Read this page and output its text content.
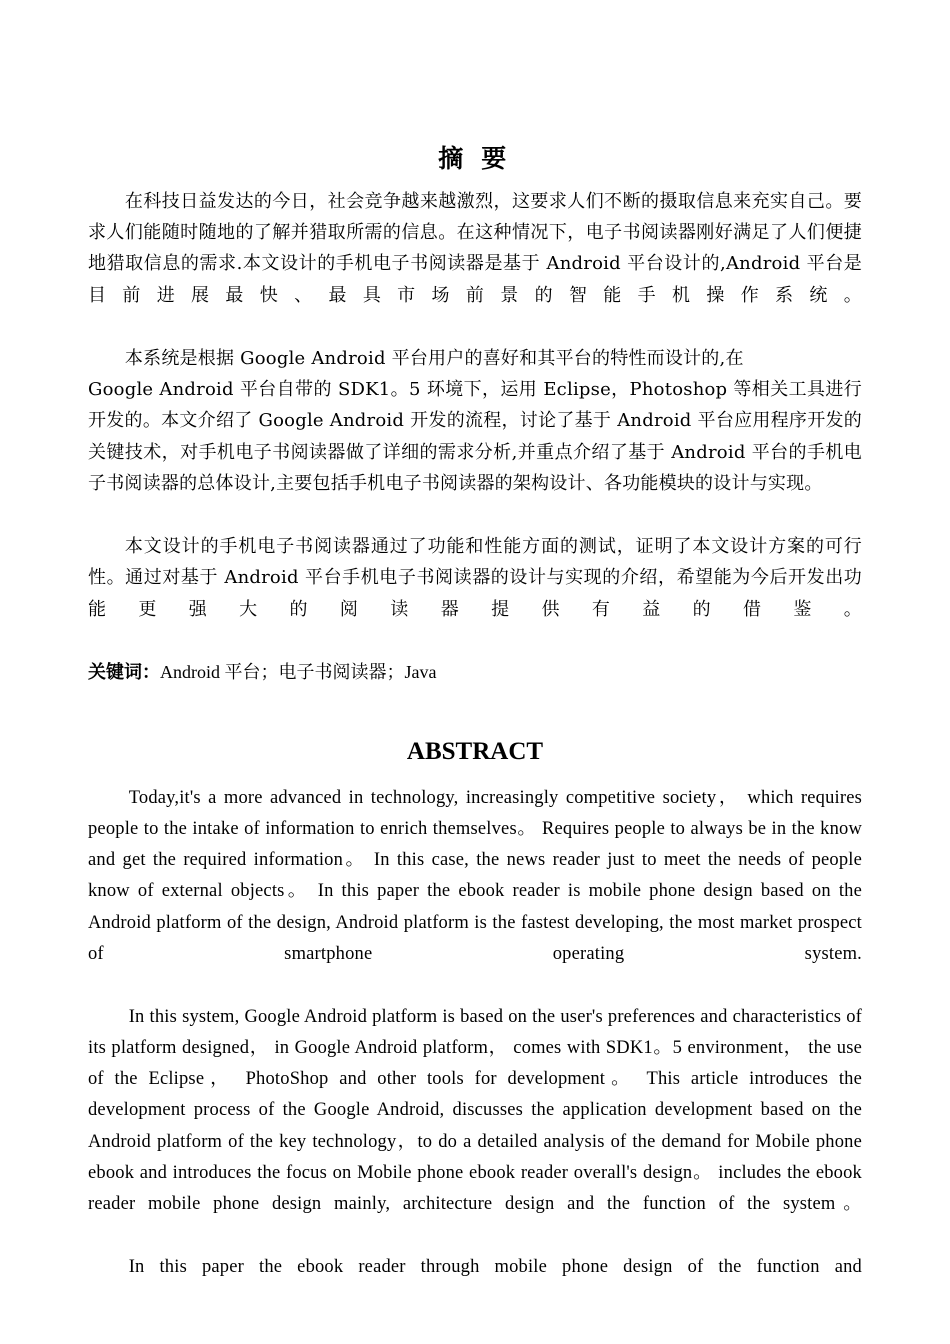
摘 要

在科技日益发达的今日，社会竞争越来越激烈，这要求人们不断的摄取信息来充实自己。要求人们能随时随地的了解并猎取所需的信息。在这种情况下，电子书阅读器刚好满足了人们便捷地猎取信息的需求.本文设计的手机电子书阅读器是基于 Android 平台设计的,Android 平台是目前进展最快、最具市场前景的智能手机操作系统。

本系统是根据 Google Android 平台用户的喜好和其平台的特性而设计的,在
Google Android 平台自带的 SDK1。5 环境下，运用 Eclipse，Photoshop 等相关工具进行开发的。本文介绍了 Google Android 开发的流程，讨论了基于 Android 平台应用程序开发的关键技术，对手机电子书阅读器做了详细的需求分析,并重点介绍了基于 Android 平台的手机电子书阅读器的总体设计,主要包括手机电子书阅读器的架构设计、各功能模块的设计与实现。

本文设计的手机电子书阅读器通过了功能和性能方面的测试，证明了本文设计方案的可行性。通过对基于 Android 平台手机电子书阅读器的设计与实现的介绍，希望能为今后开发出功能更强大的阅读器提供有益的借鉴。

关键词：Android 平台；电子书阅读器；Java

ABSTRACT

Today,it's a more advanced in technology, increasingly competitive society， which requires people to the intake of information to enrich themselves。 Requires people to always be in the know and get the required information。 In this case, the news reader just to meet the needs of people know of external objects。 In this paper the ebook reader is mobile phone design based on the Android platform of the design, Android platform is the fastest developing, the most market prospect of smartphone operating system.

In this system, Google Android platform is based on the user's preferences and characteristics of its platform designed， in Google Android platform， comes with SDK1。5 environment， the use of the Eclipse， PhotoShop and other tools for development。 This article introduces the development process of the Google Android, discusses the application development based on the Android platform of the key technology，to do a detailed analysis of the demand for Mobile phone ebook and introduces the focus on Mobile phone ebook reader overall's design。 includes the ebook reader mobile phone design mainly, architecture design and the function of the system。

In this paper the ebook reader through mobile phone design of the function and
